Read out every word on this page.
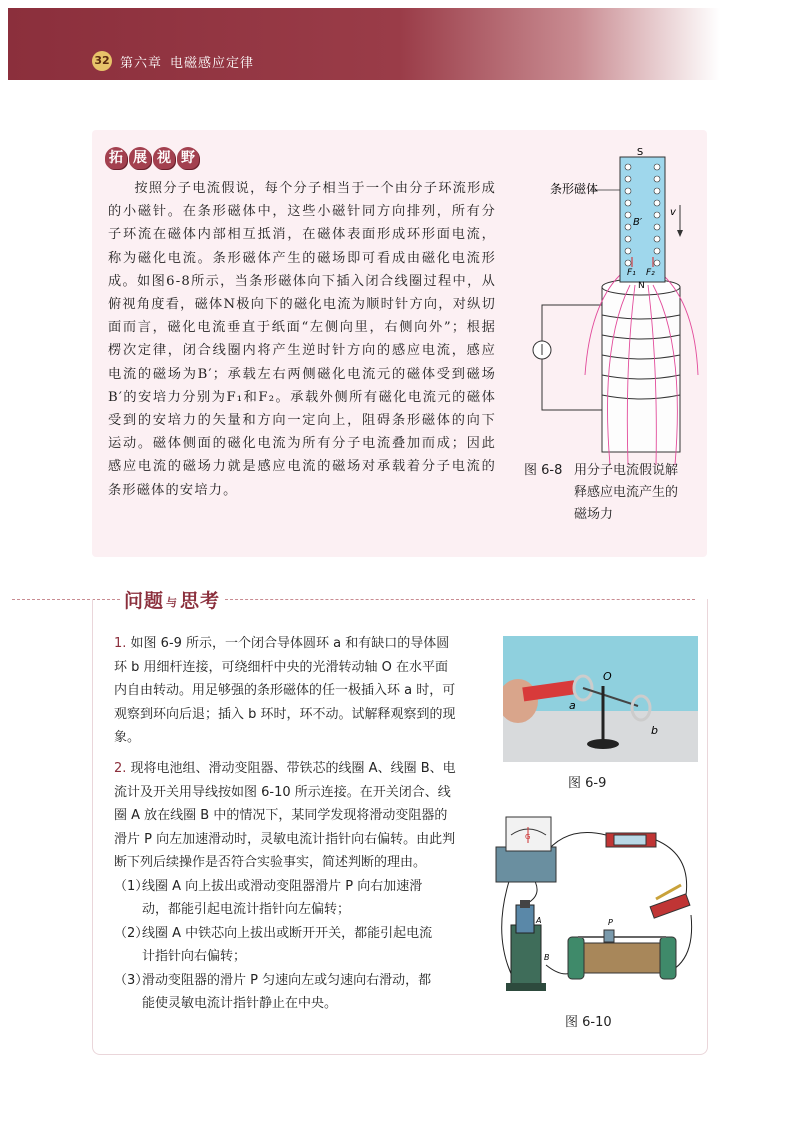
32 第六章 电磁感应定律
拓 展 视 野

按照分子电流假说，每个分子相当于一个由分子环流形成的小磁针。在条形磁体中，这些小磁针同方向排列，所有分子环流在磁体内部相互抵消，在磁体表面形成环形面电流，称为磁化电流。条形磁体产生的磁场即可看成由磁化电流形成。如图6-8所示，当条形磁体向下插入闭合线圈过程中，从俯视角度看，磁体N极向下的磁化电流为顺时针方向，对纵切面而言，磁化电流垂直于纸面“左侧向里，右侧向外”；根据楞次定律，闭合线圈内将产生逆时针方向的感应电流，感应电流的磁场为B′；承载左右两侧磁化电流元的磁体受到磁场B′的安培力分别为F₁和F₂。承载外侧所有磁化电流元的磁体受到的安培力的矢量和方向一定向上，阻碍条形磁体的向下运动。磁体侧面的磁化电流为所有分子电流叠加而成；因此感应电流的磁场力就是感应电流的磁场对承载着分子电流的条形磁体的安培力。

S
N
条形磁体
B′
v
F₁ F₂
图 6-8 用分子电流假说解
释感应电流产生的
磁场力
问题 与 思考
1. 如图 6-9 所示，一个闭合导体圆环 a 和有缺口的导体圆环 b 用细杆连接，可绕细杆中央的光滑转动轴 O 在水平面内自由转动。用足够强的条形磁体的任一极插入环 a 时，可观察到环向后退；插入 b 环时，环不动。试解释观察到的现象。
2. 现将电池组、滑动变阻器、带铁芯的线圈 A、线圈 B、电流计及开关用导线按如图 6-10 所示连接。在开关闭合、线圈 A 放在线圈 B 中的情况下，某同学发现将滑动变阻器的滑片 P 向左加速滑动时，灵敏电流计指针向右偏转。由此判断下列后续操作是否符合实验事实，简述判断的理由。
（1）线圈 A 向上拔出或滑动变阻器滑片 P 向右加速滑
动，都能引起电流计指针向左偏转；
（2）线圈 A 中铁芯向上拔出或断开开关，都能引起电流
计指针向右偏转；
（3）滑动变阻器的滑片 P 匀速向左或匀速向右滑动，都
能使灵敏电流计指针静止在中央。
O
a
b
图 6-9
G
A
B
P
图 6-10
